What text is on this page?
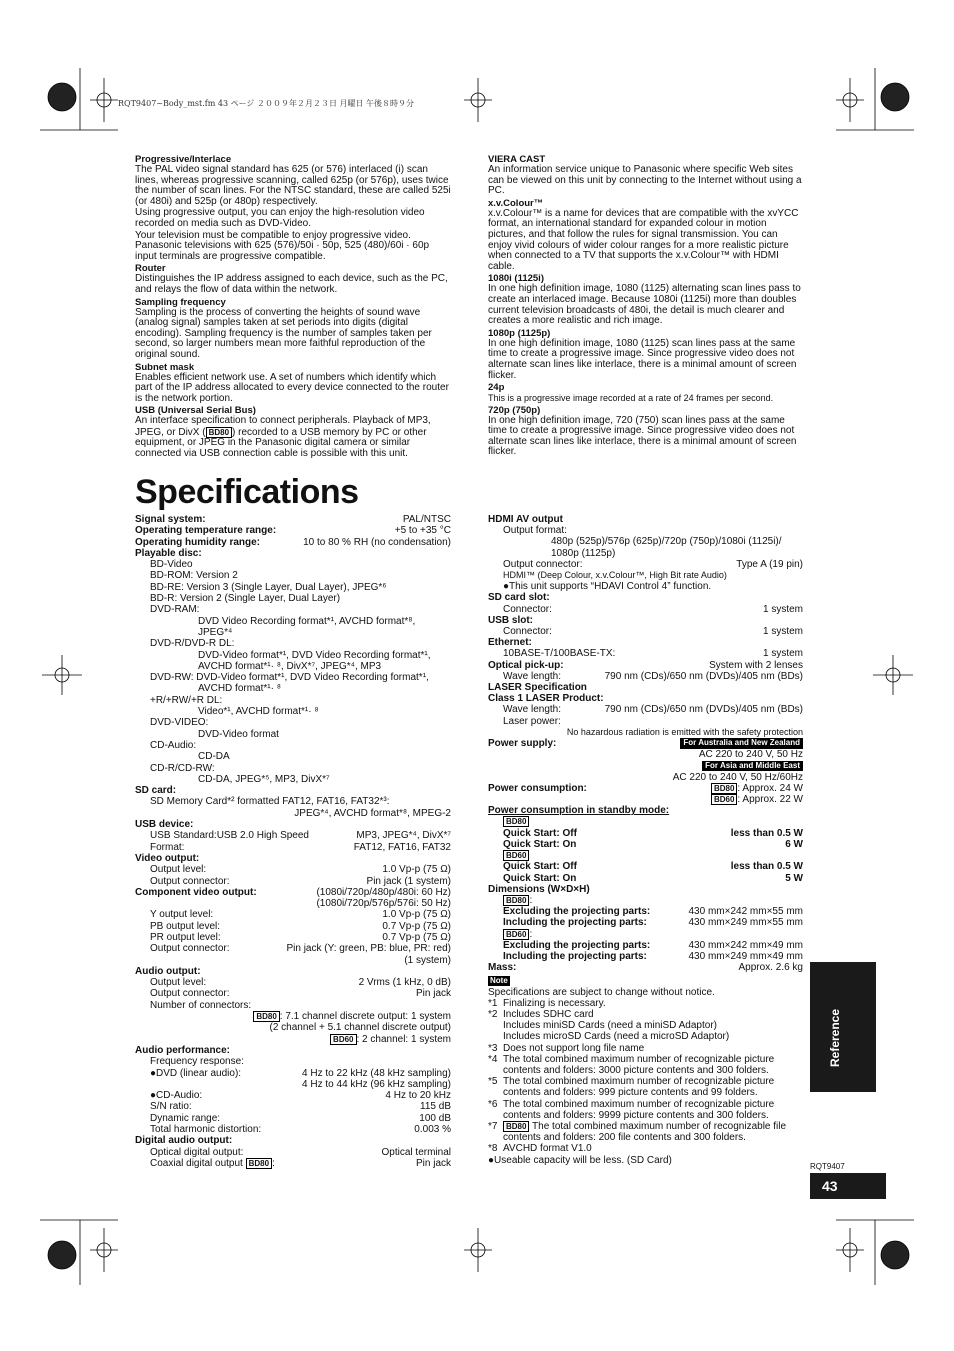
RQT9407~Body_mst.fm 43 ページ ２００９年２月２３日 月曜日 午後８時９分
Progressive/Interlace

The PAL video signal standard has 625 (or 576) interlaced (i) scan lines, whereas progressive scanning, called 625p (or 576p), uses twice the number of scan lines. For the NTSC standard, these are called 525i (or 480i) and 525p (or 480p) respectively.

Using progressive output, you can enjoy the high-resolution video recorded on media such as DVD-Video.

Your television must be compatible to enjoy progressive video. Panasonic televisions with 625 (576)/50i · 50p, 525 (480)/60i · 60p input terminals are progressive compatible.

Router

Distinguishes the IP address assigned to each device, such as the PC, and relays the flow of data within the network.

Sampling frequency

Sampling is the process of converting the heights of sound wave (analog signal) samples taken at set periods into digits (digital encoding). Sampling frequency is the number of samples taken per second, so larger numbers mean more faithful reproduction of the original sound.

Subnet mask

Enables efficient network use. A set of numbers which identify which part of the IP address allocated to every device connected to the router is the network portion.

USB (Universal Serial Bus)

An interface specification to connect peripherals. Playback of MP3, JPEG, or DivX ( BD80 ) recorded to a USB memory by PC or other equipment, or JPEG in the Panasonic digital camera or similar connected via USB connection cable is possible with this unit.

VIERA CAST

An information service unique to Panasonic where specific Web sites can be viewed on this unit by connecting to the Internet without using a PC.

x.v.Colour™

x.v.Colour™ is a name for devices that are compatible with the xvYCC format, an international standard for expanded colour in motion pictures, and that follow the rules for signal transmission. You can enjoy vivid colours of wider colour ranges for a more realistic picture when connected to a TV that supports the x.v.Colour™ with HDMI cable.

1080i (1125i)

In one high definition image, 1080 (1125) alternating scan lines pass to create an interlaced image. Because 1080i (1125i) more than doubles current television broadcasts of 480i, the detail is much clearer and creates a more realistic and rich image.

1080p (1125p)

In one high definition image, 1080 (1125) scan lines pass at the same time to create a progressive image. Since progressive video does not alternate scan lines like interlace, there is a minimal amount of screen flicker.

24p

This is a progressive image recorded at a rate of 24 frames per second.

720p (750p)

In one high definition image, 720 (750) scan lines pass at the same time to create a progressive image. Since progressive video does not alternate scan lines like interlace, there is a minimal amount of screen flicker.

Specifications
Signal system:	PAL/NTSC
Operating temperature range:	+5 to +35 °C
Operating humidity range:	10 to 80 % RH (no condensation)
Playable disc:
BD-Video
BD-ROM: Version 2
BD-RE: Version 3 (Single Layer, Dual Layer), JPEG*⁶
BD-R: Version 2 (Single Layer, Dual Layer)
DVD-RAM:
DVD Video Recording format*¹, AVCHD format*⁸,
JPEG*⁴
DVD-R/DVD-R DL:
DVD-Video format*¹, DVD Video Recording format*¹,
AVCHD format*¹· ⁸, DivX*⁷, JPEG*⁴, MP3
DVD-RW: DVD-Video format*¹, DVD Video Recording format*¹,
AVCHD format*¹· ⁸
+R/+RW/+R DL:
Video*¹, AVCHD format*¹· ⁸
DVD-VIDEO:
DVD-Video format
CD-Audio:
CD-DA
CD-R/CD-RW:
CD-DA, JPEG*⁵, MP3, DivX*⁷
SD card:
SD Memory Card*² formatted FAT12, FAT16, FAT32*³:
JPEG*⁴, AVCHD format*⁸, MPEG-2
USB device:
USB Standard:USB 2.0 High Speed	MP3, JPEG*⁴, DivX*⁷
Format:	FAT12, FAT16, FAT32
Video output:
Output level:	1.0 Vp-p (75 Ω)
Output connector:	Pin jack (1 system)
Component video output:	(1080i/720p/480p/480i: 60 Hz)
(1080i/720p/576p/576i: 50 Hz)
Y output level:	1.0 Vp-p (75 Ω)
PB output level:	0.7 Vp-p (75 Ω)
PR output level:	0.7 Vp-p (75 Ω)
Output connector:	Pin jack (Y: green, PB: blue, PR: red)
(1 system)
Audio output:
Output level:	2 Vrms (1 kHz, 0 dB)
Output connector:	Pin jack
Number of connectors:
BD80 : 7.1 channel discrete output: 1 system
(2 channel + 5.1 channel discrete output)
BD60 : 2 channel: 1 system
Audio performance:
Frequency response:
●DVD (linear audio):	4 Hz to 22 kHz (48 kHz sampling)
4 Hz to 44 kHz (96 kHz sampling)
●CD-Audio:	4 Hz to 20 kHz
S/N ratio:	115 dB
Dynamic range:	100 dB
Total harmonic distortion:	0.003 %
Digital audio output:
Optical digital output:	Optical terminal
Coaxial digital output BD80 :	Pin jack
HDMI AV output
Output format:
480p (525p)/576p (625p)/720p (750p)/1080i (1125i)/
1080p (1125p)
Output connector:	Type A (19 pin)
HDMI™ (Deep Colour, x.v.Colour™, High Bit rate Audio)
●This unit supports “HDAVI Control 4” function.
SD card slot:
Connector:	1 system
USB slot:
Connector:	1 system
Ethernet:
10BASE-T/100BASE-TX:	1 system
Optical pick-up:	System with 2 lenses
Wave length:	790 nm (CDs)/650 nm (DVDs)/405 nm (BDs)
LASER Specification
Class 1 LASER Product:
Wave length:	790 nm (CDs)/650 nm (DVDs)/405 nm (BDs)
Laser power:
No hazardous radiation is emitted with the safety protection
Power supply:	For Australia and New Zealand
AC 220 to 240 V, 50 Hz
For Asia and Middle East
AC 220 to 240 V, 50 Hz/60Hz
Power consumption:	BD80 : Approx. 24 W
BD60 : Approx. 22 W
Power consumption in standby mode:
BD80
Quick Start: Off	less than 0.5 W
Quick Start: On	6 W
BD60
Quick Start: Off	less than 0.5 W
Quick Start: On	5 W
Dimensions (W×D×H)
BD80 :
Excluding the projecting parts:	430 mm×242 mm×55 mm
Including the projecting parts:	430 mm×249 mm×55 mm
BD60 :
Excluding the projecting parts:	430 mm×242 mm×49 mm
Including the projecting parts:	430 mm×249 mm×49 mm
Mass:	Approx. 2.6 kg
Note
Specifications are subject to change without notice.
*1 Finalizing is necessary.
*2 Includes SDHC card
Includes miniSD Cards (need a miniSD Adaptor)
Includes microSD Cards (need a microSD Adaptor)
*3 Does not support long file name
*4 The total combined maximum number of recognizable picture contents and folders: 3000 picture contents and 300 folders.
*5 The total combined maximum number of recognizable picture contents and folders: 999 picture contents and 99 folders.
*6 The total combined maximum number of recognizable picture contents and folders: 9999 picture contents and 300 folders.
*7	BD80 The total combined maximum number of recognizable file contents and folders: 200 file contents and 300 folders.
*8 AVCHD format V1.0
●Useable capacity will be less. (SD Card)
Reference
RQT9407
43
